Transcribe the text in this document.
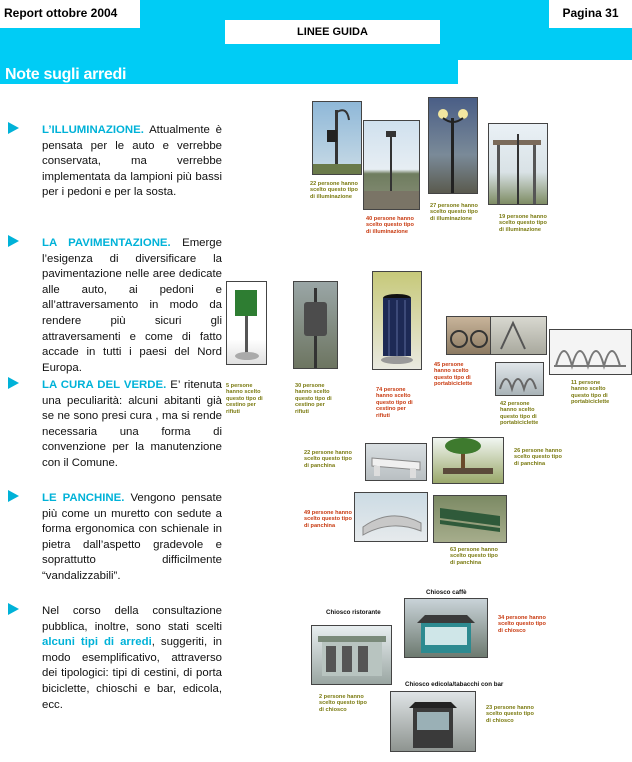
Report ottobre 2004	Pagina 31
LINEE GUIDA
Note sugli arredi
L’ILLUMINAZIONE. Attualmente è pensata per le auto e verrebbe conservata, ma verrebbe implementata da lampioni più bassi per i pedoni e per la sosta.
LA PAVIMENTAZIONE. Emerge l’esigenza di diversificare la pavimentazione nelle aree dedicate alle auto, ai pedoni e all’attraversamento in modo da rendere più sicuri gli attraversamenti e come di fatto accade in tutti i paesi del Nord Europa.
LA CURA DEL VERDE. E’ ritenuta una peculiarità: alcuni abitanti già se ne sono presi cura , ma si rende necessaria una forma di convenzione per la manutenzione con il Comune.
LE PANCHINE. Vengono pensate più come un muretto con sedute a forma ergonomica con schienale in pietra dall’aspetto gradevole e soprattutto difficilmente “vandalizzabili”.
Nel corso della consultazione pubblica, inoltre, sono stati scelti alcuni tipi di arredi, suggeriti, in modo esemplificativo, attraverso dei tipologici: tipi di cestini, di porta biciclette, chioschi e bar, edicola, ecc.
22 persone hanno scelto questo tipo di illuminazione
40 persone hanno scelto questo tipo di illuminazione
27 persone hanno scelto questo tipo di illuminazione	19 persone hanno scelto questo tipo di illuminazione
5 persone hanno scelto questo tipo di cestino per rifiuti
30 persone hanno scelto questo tipo di cestino per rifiuti
74 persone hanno scelto questo tipo di cestino per rifiuti
45 persone hanno scelto questo tipo di portabiciclette
42 persone hanno scelto questo tipo di portabiciclette
11 persone hanno scelto questo tipo di portabiciclette
22 persone hanno scelto questo tipo di panchina
26 persone hanno scelto questo tipo di panchina
49 persone hanno scelto questo tipo di panchina
63 persone hanno scelto questo tipo di panchina
Chiosco caffè
34 persone hanno scelto questo tipo di chiosco
Chiosco ristorante
2 persone hanno scelto questo tipo di chiosco
Chiosco edicola/tabacchi con bar
23 persone hanno scelto questo tipo di chiosco
